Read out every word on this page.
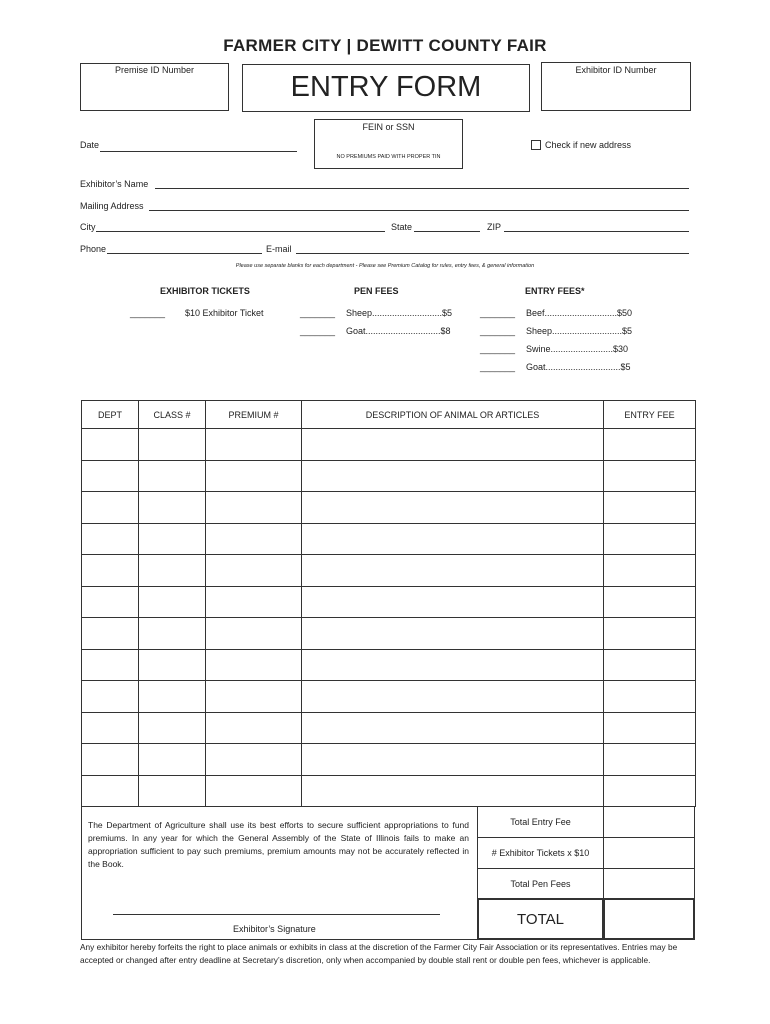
FARMER CITY | DEWITT COUNTY FAIR
Premise ID Number
ENTRY FORM
Exhibitor ID Number
FEIN or SSN
NO PREMIUMS PAID WITH PROPER TIN
Date	Check if new address
Exhibitor’s Name
Mailing Address
City	State	ZIP
Phone	E-mail
Please use separate blanks for each department - Please see Premium Catalog for rules, entry fees, & general information
EXHIBITOR TICKETS	PEN FEES	ENTRY FEES*
_______ $10 Exhibitor Ticket	_______ Sheep............................$5
_______ Goat..............................$8
_______ Beef.............................$50
_______ Sheep............................$5
_______ Swine.........................$30
_______ Goat..............................$5
DEPT	CLASS #	PREMIUM #	DESCRIPTION OF ANIMAL OR ARTICLES	ENTRY FEE

The Department of Agriculture shall use its best efforts to secure sufficient appropriations to fund premiums. In any year for which the General Assembly of the State of Illinois fails to make an appropriation sufficient to pay such premiums, premium amounts may not be accurately reflected in the Book.
Exhibitor’s Signature
Total Entry Fee
# Exhibitor Tickets x $10
Total Pen Fees
TOTAL
Any exhibitor hereby forfeits the right to place animals or exhibits in class at the discretion of the Farmer City Fair Association or its representatives. Entries may be accepted or changed after entry deadline at Secretary’s discretion, only when accompanied by double stall rent or double pen fees, whichever is applicable.
